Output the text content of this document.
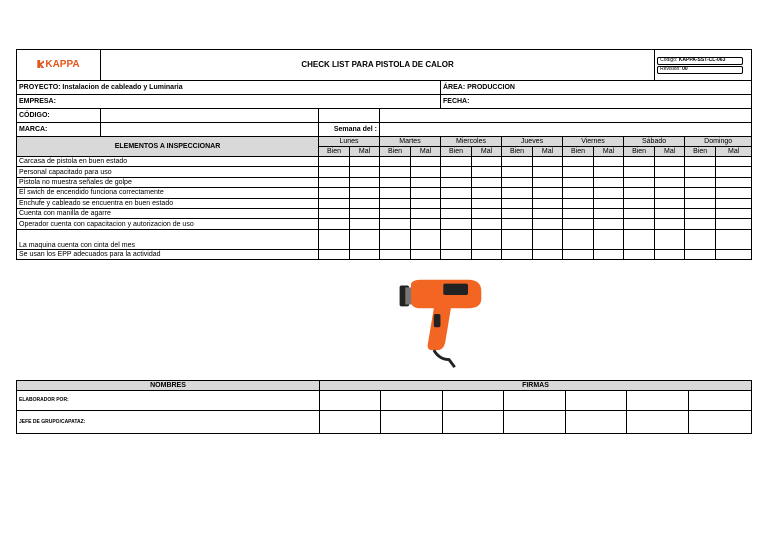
KAPPA	CHECK LIST PARA PISTOLA DE CALOR												Código: KAPPA-SST-CL-063
Revisión: 00		

PROYECTO: Instalacion de cableado y Luminaria						ÁREA: PRODUCCION									
EMPRESA:						FECHA:									
CÓDIGO:															
MARCA:		Semana del :													
ELEMENTOS A INSPECCIONAR		Lunes		Martes		Miercoles		Jueves		Viernes		Sábado		Domingo	
		Bien	Mal	Bien	Mal	Bien	Mal	Bien	Mal	Bien	Mal	Bien	Mal	Bien	Mal
Carcasa de pistola en buen estado															
Personal capacitado para uso															
Pistola no muestra señales de golpe															
El swich de encendido funciona correctamente															
Enchufe y cableado se encuentra en buen estado															
Cuenta con manilla de agarre															
Operador cuenta con capacitacion y autorizacion de uso															
La maquina cuenta con cinta del mes															
Se usan los EPP adecuados para la actividad															
NOMBRES	FIRMAS						
ELABORADOR POR:							
JEFE DE GRUPO/CAPATAZ:							
